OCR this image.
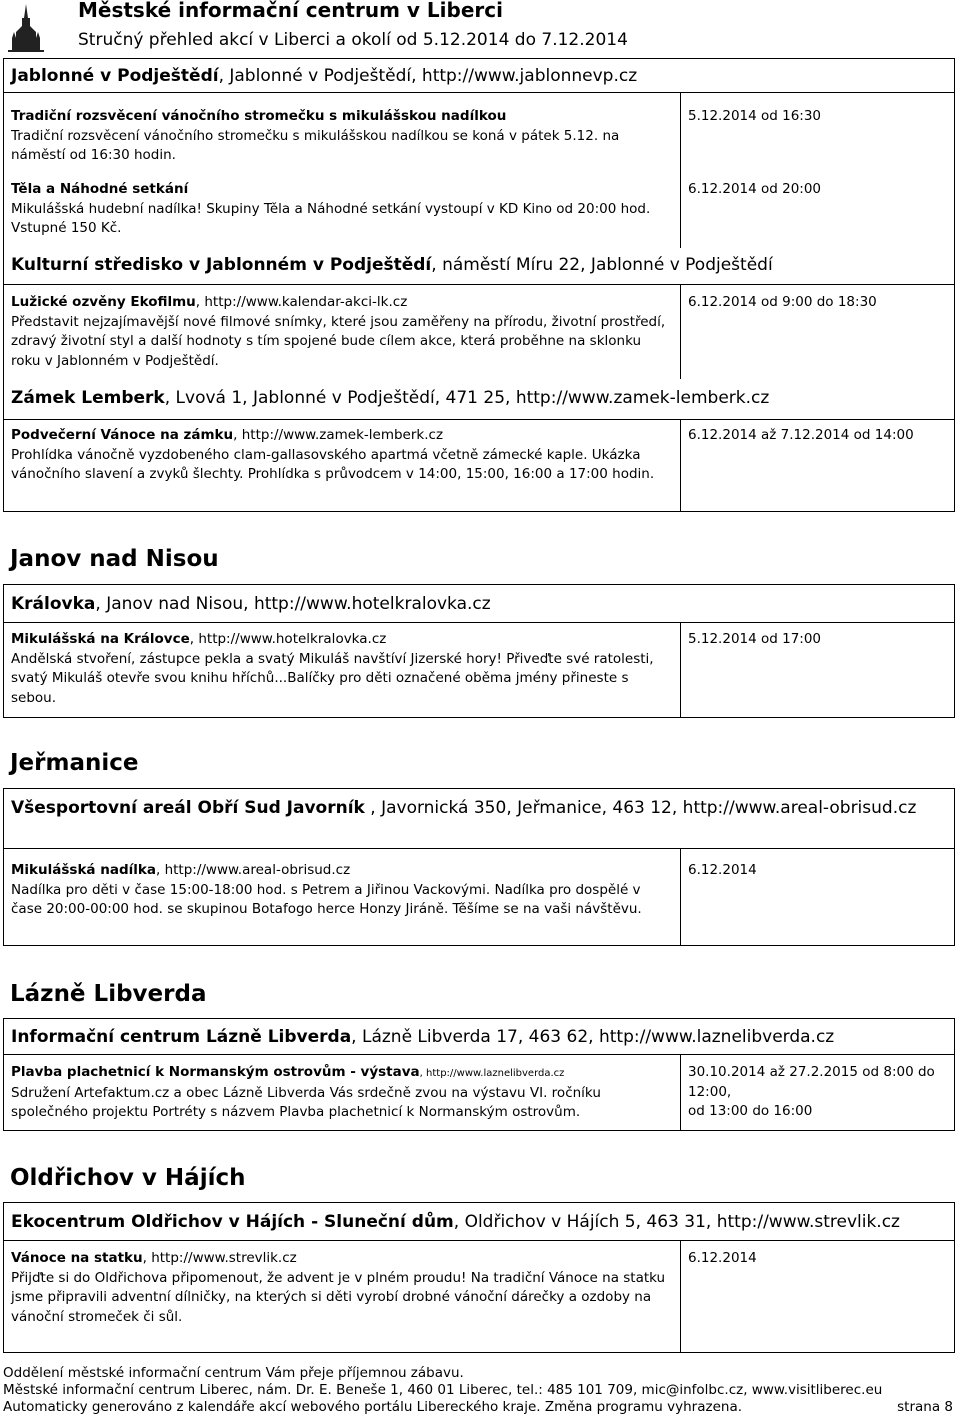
Městské informační centrum v Liberci
Stručný přehled akcí v Liberci a okolí od 5.12.2014 do 7.12.2014
Jablonné v Podještědí, Jablonné v Podještědí, http://www.jablonnevp.cz
Tradiční rozsvěcení vánočního stromečku s mikulášskou nadílkou
Tradiční rozsvěcení vánočního stromečku s mikulášskou nadílkou se koná v pátek 5.12. na náměstí od 16:30 hodin.
5.12.2014 od 16:30
Těla a Náhodné setkání
Mikulášská hudební nadílka! Skupiny Těla a Náhodné setkání vystoupí v KD Kino od 20:00 hod. Vstupné 150 Kč.
6.12.2014 od 20:00
Kulturní středisko v Jablonném v Podještědí, náměstí Míru 22, Jablonné v Podještědí
Lužické ozvěny Ekofilmu, http://www.kalendar-akci-lk.cz
Představit nejzajímavější nové filmové snímky, které jsou zaměřeny na přírodu, životní prostředí, zdravý životní styl a další hodnoty s tím spojené bude cílem akce, která proběhne na sklonku roku v Jablonném v Podještědí.
6.12.2014 od 9:00 do 18:30
Zámek Lemberk, Lvová 1, Jablonné v Podještědí, 471 25, http://www.zamek-lemberk.cz
Podvečerní Vánoce na zámku, http://www.zamek-lemberk.cz
Prohlídka vánočně vyzdobeného clam-gallasovského apartmá včetně zámecké kaple. Ukázka vánočního slavení a zvyků šlechty. Prohlídka s průvodcem v 14:00, 15:00, 16:00 a 17:00 hodin.
6.12.2014 až 7.12.2014 od 14:00
Janov nad Nisou
Královka, Janov nad Nisou, http://www.hotelkralovka.cz
Mikulášská na Královce, http://www.hotelkralovka.cz
Andělská stvoření, zástupce pekla a svatý Mikuláš navštíví Jizerské hory! Přiveďte své ratolesti, svatý Mikuláš otevře svou knihu hříchů...Balíčky pro děti označené oběma jmény přineste s sebou.
5.12.2014 od 17:00
Jeřmanice
Všesportovní areál Obří Sud Javorník , Javornická 350, Jeřmanice, 463 12, http://www.areal-obrisud.cz
Mikulášská nadílka, http://www.areal-obrisud.cz
Nadílka pro děti v čase 15:00-18:00 hod. s Petrem a Jiřinou Vackovými. Nadílka pro dospělé v čase 20:00-00:00 hod. se skupinou Botafogo herce Honzy Jiráně. Těšíme se na vaši návštěvu.
6.12.2014
Lázně Libverda
Informační centrum Lázně Libverda, Lázně Libverda 17, 463 62, http://www.laznelibverda.cz
Plavba plachetnicí k Normanským ostrovům - výstava, http://www.laznelibverda.cz
Sdružení Artefaktum.cz a obec Lázně Libverda Vás srdečně zvou na výstavu VI. ročníku společného projektu Portréty s názvem Plavba plachetnicí k Normanským ostrovům.
30.10.2014 až 27.2.2015 od 8:00 do 12:00,
od 13:00 do 16:00
Oldřichov v Hájích
Ekocentrum Oldřichov v Hájích - Sluneční dům, Oldřichov v Hájích 5, 463 31, http://www.strevlik.cz
Vánoce na statku, http://www.strevlik.cz
Přijďte si do Oldřichova připomenout, že advent je v plném proudu! Na tradiční Vánoce na statku jsme připravili adventní dílničky, na kterých si děti vyrobí drobné vánoční dárečky a ozdoby na vánoční stromeček či sůl.
6.12.2014
Oddělení městské informační centrum Vám přeje příjemnou zábavu.
Městské informační centrum Liberec, nám. Dr. E. Beneše 1, 460 01 Liberec, tel.: 485 101 709, mic@infolbc.cz, www.visitliberec.eu
Automaticky generováno z kalendáře akcí webového portálu Libereckého kraje. Změna programu vyhrazena.	strana 8
